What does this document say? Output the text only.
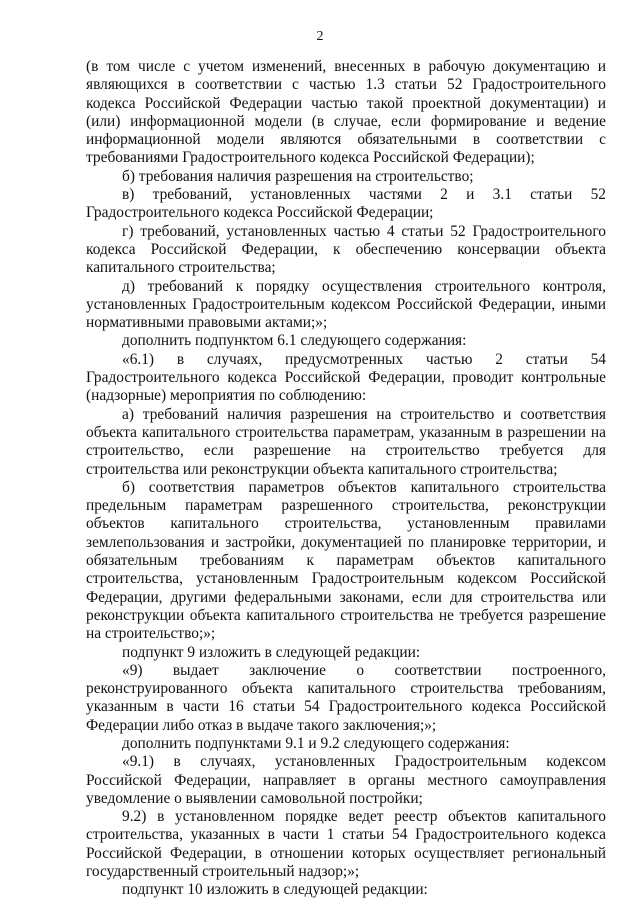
2

(в том числе с учетом изменений, внесенных в рабочую документацию и являющихся в соответствии с частью 1.3 статьи 52 Градостроительного кодекса Российской Федерации частью такой проектной документации) и (или) информационной модели (в случае, если формирование и ведение информационной модели являются обязательными в соответствии с требованиями Градостроительного кодекса Российской Федерации);

б) требования наличия разрешения на строительство;

в) требований, установленных частями 2 и 3.1 статьи 52 Градостроительного кодекса Российской Федерации;

г) требований, установленных частью 4 статьи 52 Градостроительного кодекса Российской Федерации, к обеспечению консервации объекта капитального строительства;

д) требований к порядку осуществления строительного контроля, установленных Градостроительным кодексом Российской Федерации, иными нормативными правовыми актами;»;

дополнить подпунктом 6.1 следующего содержания:

«6.1) в случаях, предусмотренных частью 2 статьи 54 Градостроительного кодекса Российской Федерации, проводит контрольные (надзорные) мероприятия по соблюдению:

а) требований наличия разрешения на строительство и соответствия объекта капитального строительства параметрам, указанным в разрешении на строительство, если разрешение на строительство требуется для строительства или реконструкции объекта капитального строительства;

б) соответствия параметров объектов капитального строительства предельным параметрам разрешенного строительства, реконструкции объектов капитального строительства, установленным правилами землепользования и застройки, документацией по планировке территории, и обязательным требованиям к параметрам объектов капитального строительства, установленным Градостроительным кодексом Российской Федерации, другими федеральными законами, если для строительства или реконструкции объекта капитального строительства не требуется разрешение на строительство;»;

подпункт 9 изложить в следующей редакции:

«9) выдает заключение о соответствии построенного, реконструированного объекта капитального строительства требованиям, указанным в части 16 статьи 54 Градостроительного кодекса Российской Федерации либо отказ в выдаче такого заключения;»;

дополнить подпунктами 9.1 и 9.2 следующего содержания:

«9.1) в случаях, установленных Градостроительным кодексом Российской Федерации, направляет в органы местного самоуправления уведомление о выявлении самовольной постройки;

9.2) в установленном порядке ведет реестр объектов капитального строительства, указанных в части 1 статьи 54 Градостроительного кодекса Российской Федерации, в отношении которых осуществляет региональный государственный строительный надзор;»;

подпункт 10 изложить в следующей редакции:
